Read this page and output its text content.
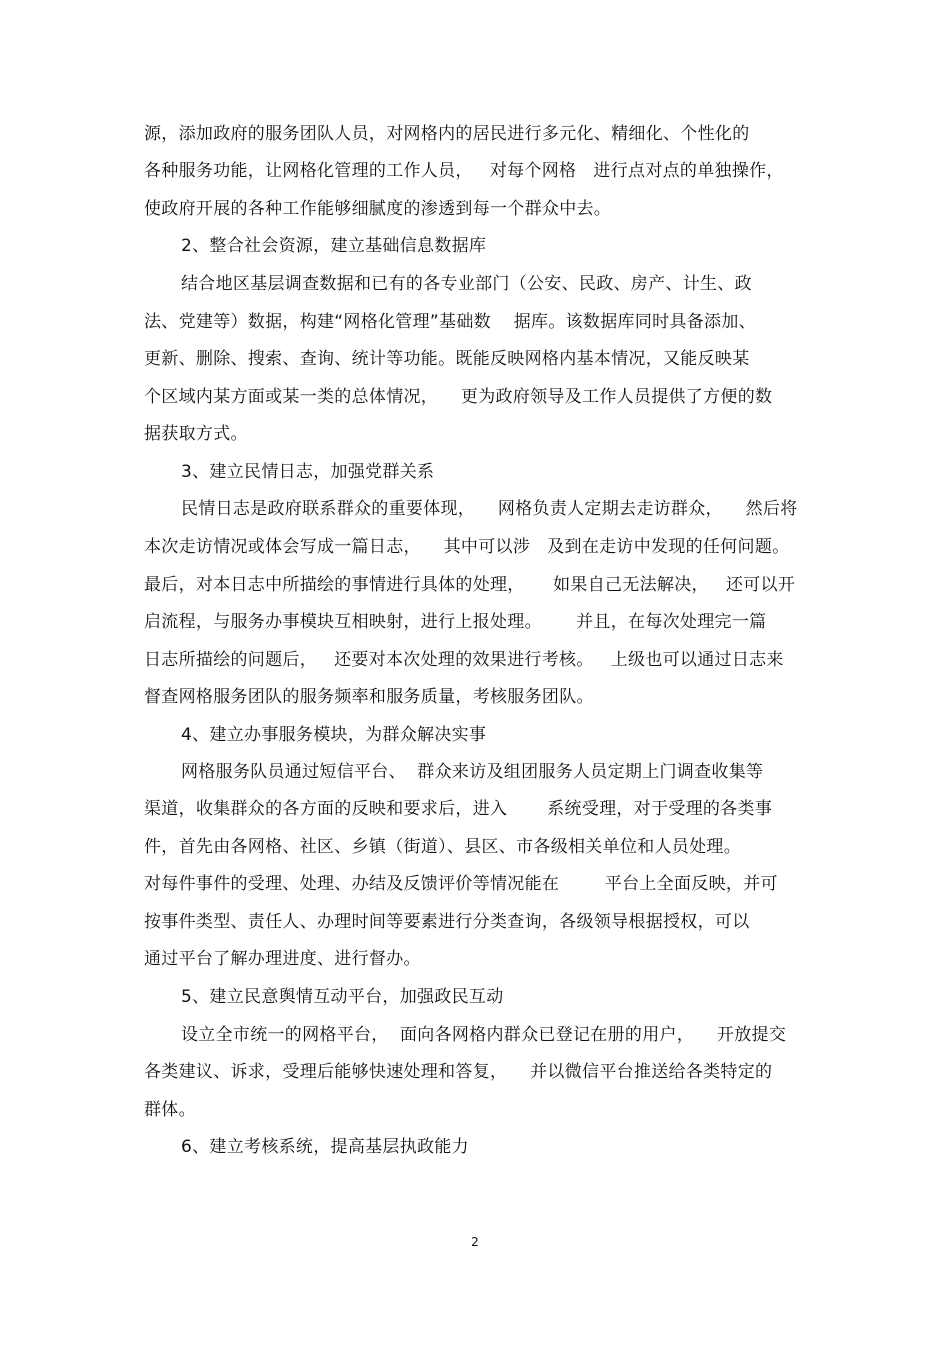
源，添加政府的服务团队人员，对网格内的居民进行多元化、精细化、个性化的
各种服务功能，让网格化管理的工作人员，   对每个网格   进行点对点的单独操作，
使政府开展的各种工作能够细腻度的渗透到每一个群众中去。
2、整合社会资源，建立基础信息数据库
结合地区基层调查数据和已有的各专业部门（公安、民政、房产、计生、政
法、党建等）数据，构建“网格化管理”基础数    据库。该数据库同时具备添加、
更新、删除、搜索、查询、统计等功能。既能反映网格内基本情况，又能反映某
个区域内某方面或某一类的总体情况，    更为政府领导及工作人员提供了方便的数
据获取方式。
3、建立民情日志，加强党群关系
民情日志是政府联系群众的重要体现，    网格负责人定期去走访群众，    然后将
本次走访情况或体会写成一篇日志，    其中可以涉   及到在走访中发现的任何问题。
最后，对本日志中所描绘的事情进行具体的处理，     如果自己无法解决，   还可以开
启流程，与服务办事模块互相映射，进行上报处理。      并且，在每次处理完一篇
日志所描绘的问题后，   还要对本次处理的效果进行考核。   上级也可以通过日志来
督查网格服务团队的服务频率和服务质量，考核服务团队。
4、建立办事服务模块，为群众解决实事
网格服务队员通过短信平台、  群众来访及组团服务人员定期上门调查收集等
渠道，收集群众的各方面的反映和要求后，进入       系统受理，对于受理的各类事
件，首先由各网格、社区、乡镇（街道）、县区、市各级相关单位和人员处理。
对每件事件的受理、处理、办结及反馈评价等情况能在        平台上全面反映，并可
按事件类型、责任人、办理时间等要素进行分类查询，各级领导根据授权，可以
通过平台了解办理进度、进行督办。
5、建立民意舆情互动平台，加强政民互动
设立全市统一的网格平台，  面向各网格内群众已登记在册的用户，    开放提交
各类建议、诉求，受理后能够快速处理和答复，    并以微信平台推送给各类特定的
群体。
6、建立考核系统，提高基层执政能力
2
